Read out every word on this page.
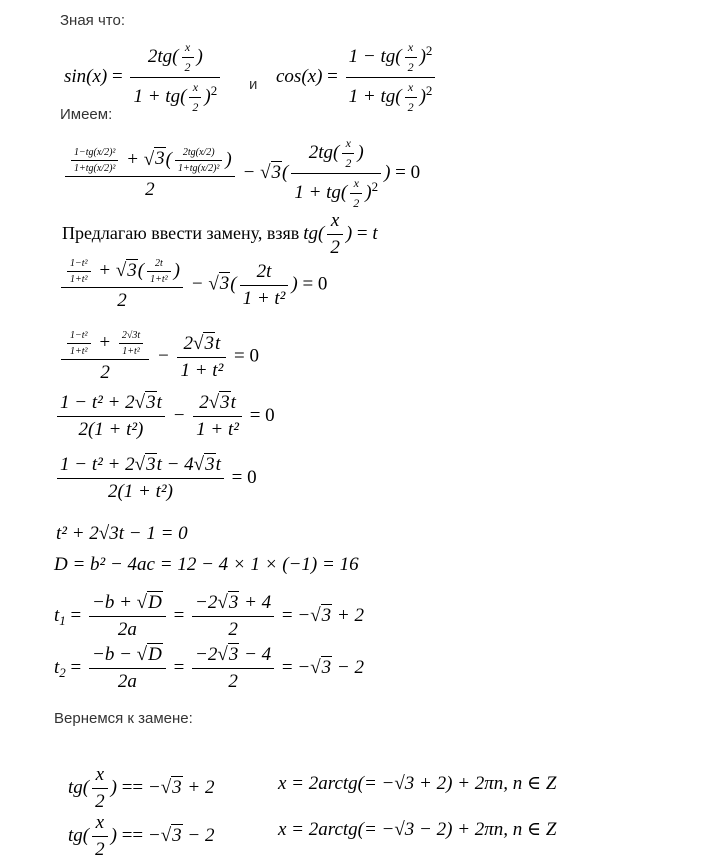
Зная что:
$\sin(x) = \frac{2tg( \frac{x}{2} )}{1 + tg( \frac{x}{2} )^2}$ и $\cos(x) = \frac{1 - tg( \frac{x}{2} )^2}{1 + tg( \frac{x}{2} )^2}$
Имеем:
$\frac{\frac{\text{1−tg(x/2)²}}{\text{1+tg(x/2)²}} + √3( \frac{2tg(x/2)}{\text{1+tg(x/2)²}} )}{2} - √3( \frac{2tg( \frac{x}{2} )}{1 + tg( \frac{x}{2} )^2}$ ) = 0
Предлагаю ввести замену, взяв $tg( \frac{x}{2}$ ) = t
$\frac{\frac{\text{1−t²}}{\text{1+t²}} + √3( \frac{2t}{\text{1+t²}} )}{2} - √3( \frac{2t}{\text{1 + t²}}$ ) = 0
$\frac{\frac{\text{1−t²}}{\text{1+t²}} + \frac{2√3t}{\text{1+t²}}}{2} - \frac{2√3t}{\text{1 + t²}} = 0$
$\frac{\text{1 − t² + 2√3t}}{\text{2(1 + t²)}} - \frac{2√3t}{\text{1 + t²}} = 0$
$\frac{\text{1 − t² + 2√3t − 4√3t}}{\text{2(1 + t²)}} = 0$
t² + 2√3t − 1 = 0
D = b² − 4ac = 12 − 4 × 1 × (−1) = 16
$t_1 = \frac{-b + √D}{2a} = \frac{-2√3 + 4}{2} = -√3 + 2$
$t_2 = \frac{-b - √D}{2a} = \frac{-2√3 - 4}{2} = -√3 - 2$
Вернемся к замене:
$tg( \frac{x}{2}$ ) == −√3 + 2	x = 2arctg(= −√3 + 2) + 2πn, n ∈ Z
$tg( \frac{x}{2}$ ) == −√3 − 2	x = 2arctg(= −√3 − 2) + 2πn, n ∈ Z
